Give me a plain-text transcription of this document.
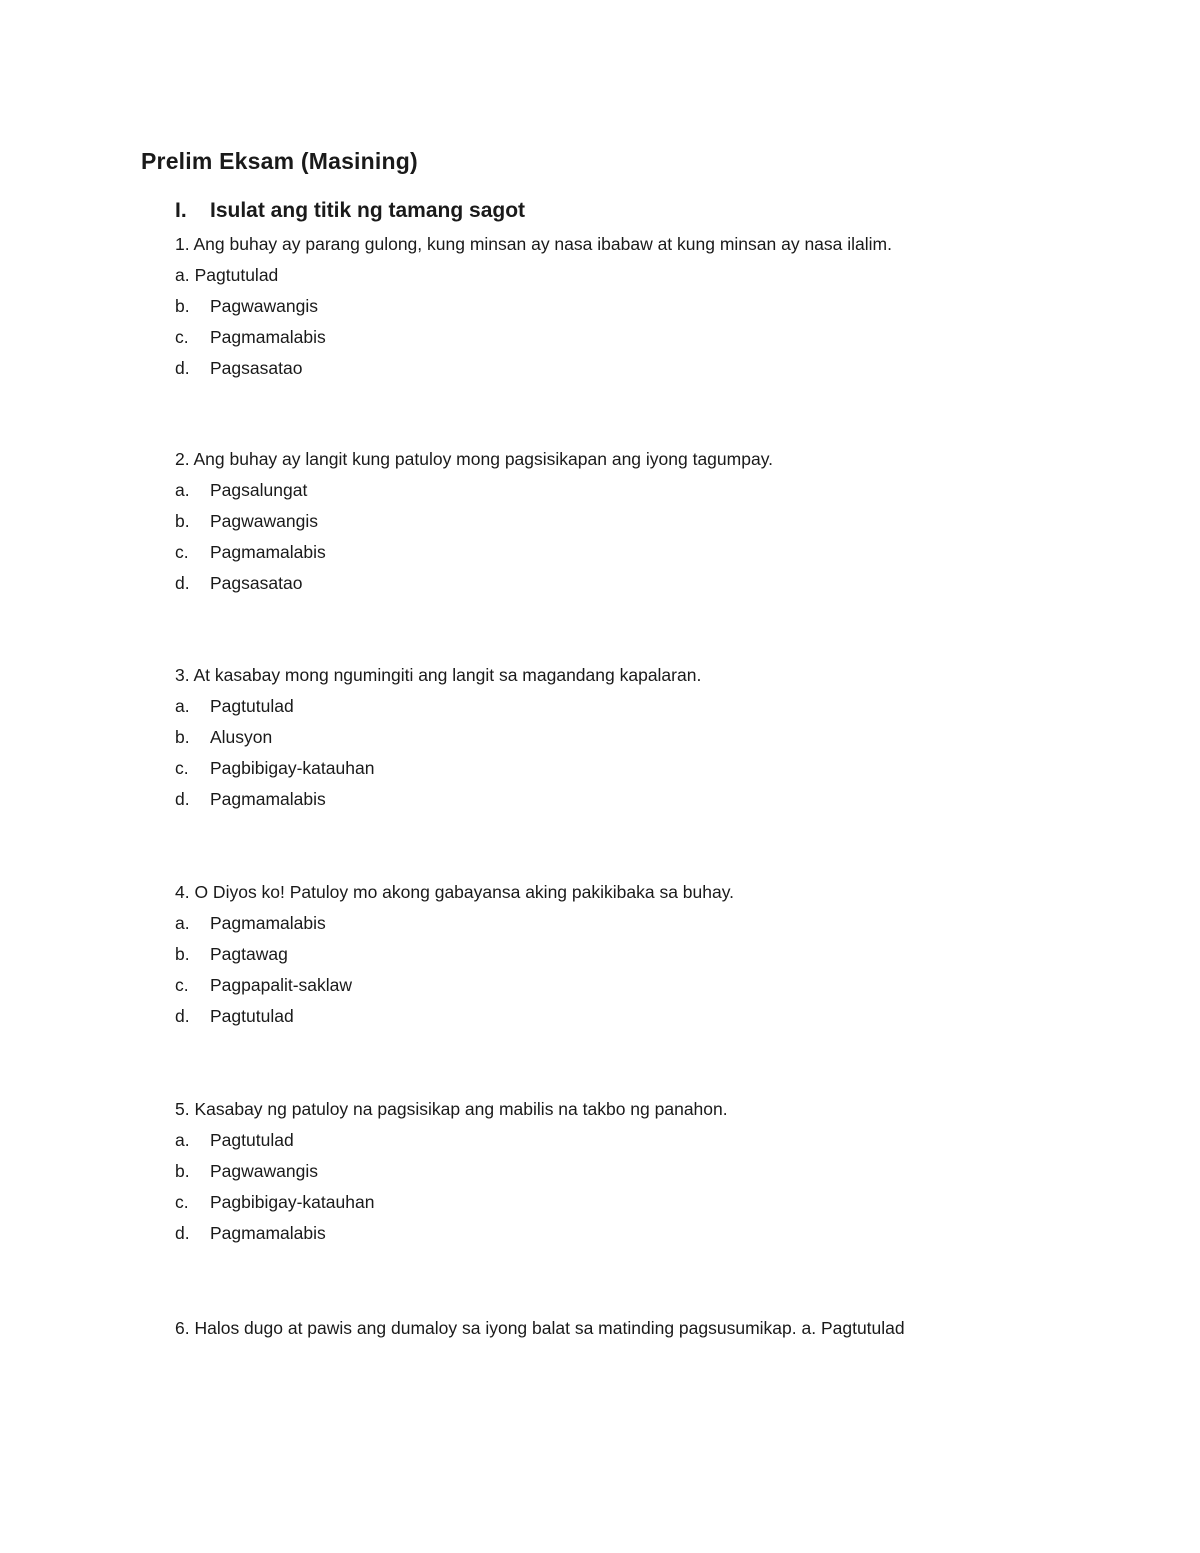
Prelim Eksam (Masining)
I. Isulat ang titik ng tamang sagot
1. Ang buhay ay parang gulong, kung minsan ay nasa ibabaw at kung minsan ay nasa ilalim.
a. Pagtutulad
b. Pagwawangis
c. Pagmamalabis
d. Pagsasatao
2. Ang buhay ay langit kung patuloy mong pagsisikapan ang iyong tagumpay.
a. Pagsalungat
b. Pagwawangis
c. Pagmamalabis
d. Pagsasatao
3. At kasabay mong ngumingiti ang langit sa magandang kapalaran.
a. Pagtutulad
b. Alusyon
c. Pagbibigay-katauhan
d. Pagmamalabis
4. O Diyos ko! Patuloy mo akong gabayansa aking pakikibaka sa buhay.
a. Pagmamalabis
b. Pagtawag
c. Pagpapalit-saklaw
d. Pagtutulad
5. Kasabay ng patuloy na pagsisikap ang mabilis na takbo ng panahon.
a. Pagtutulad
b. Pagwawangis
c. Pagbibigay-katauhan
d. Pagmamalabis
6. Halos dugo at pawis ang dumaloy sa iyong balat sa matinding pagsusumikap. a. Pagtutulad
